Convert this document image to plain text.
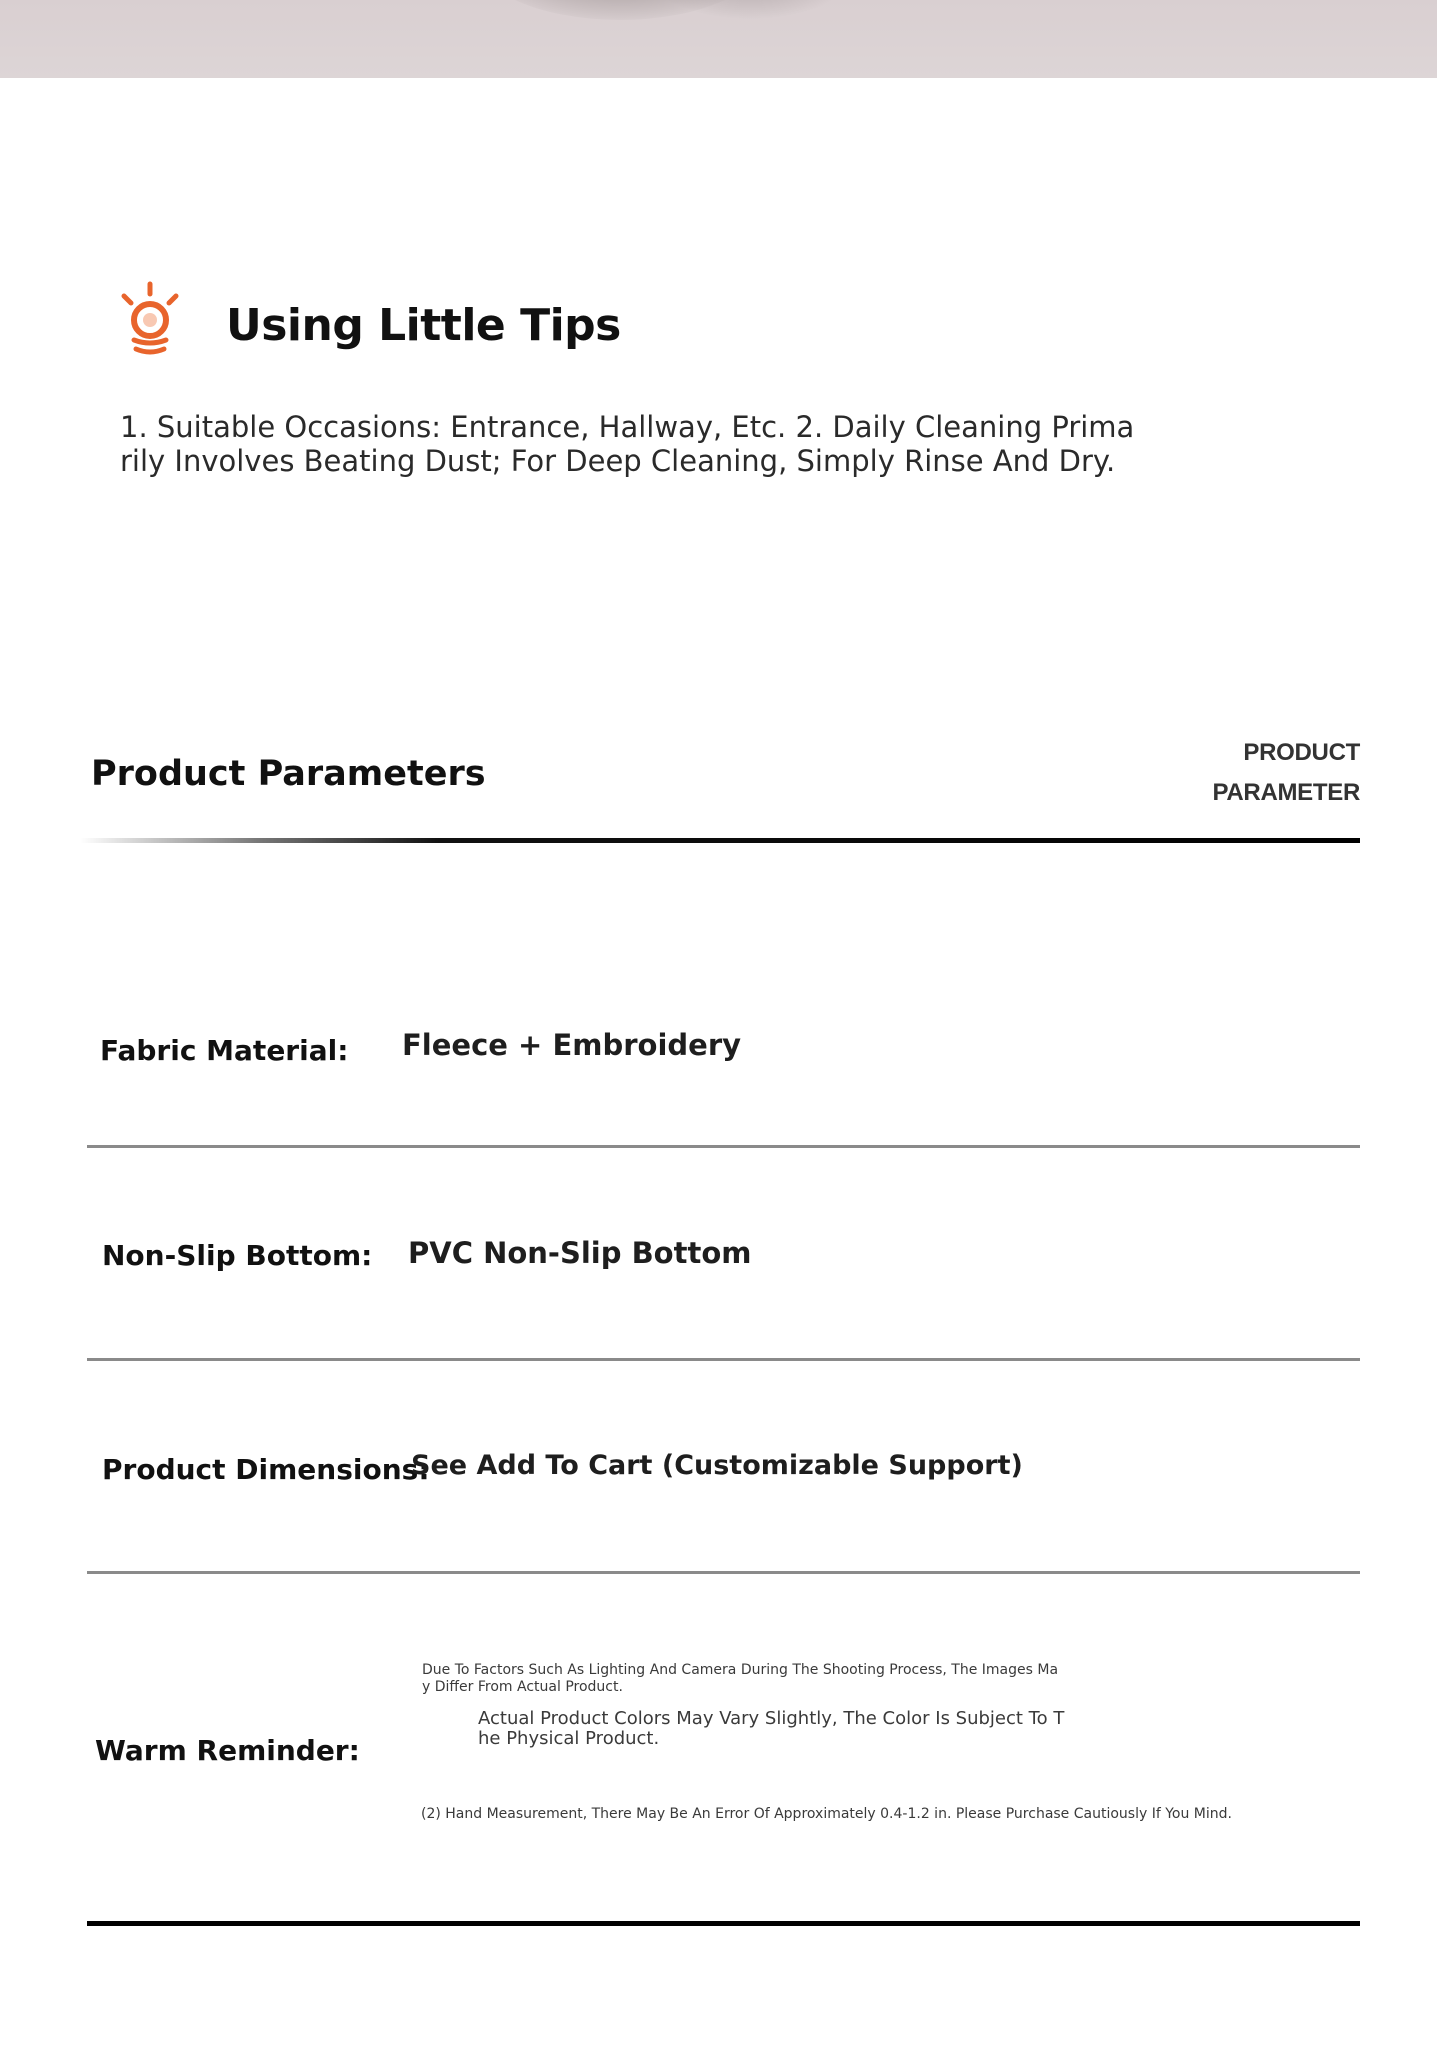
Using Little Tips

1. Suitable Occasions: Entrance, Hallway, Etc. 2. Daily Cleaning Primarily Involves Beating Dust; For Deep Cleaning, Simply Rinse And Dry.

Product Parameters
PRODUCT
PARAMETER

Fabric Material: Fleece + Embroidery

Non-Slip Bottom: PVC Non-Slip Bottom

Product Dimensions:

See Add To Cart (Customizable Support)

Warm Reminder:

Due To Factors Such As Lighting And Camera During The Shooting Process, The Images May Differ From Actual Product.

Actual Product Colors May Vary Slightly, The Color Is Subject To The Physical Product.

(2) Hand Measurement, There May Be An Error Of Approximately 0.4-1.2 in. Please Purchase Cautiously If You Mind.
